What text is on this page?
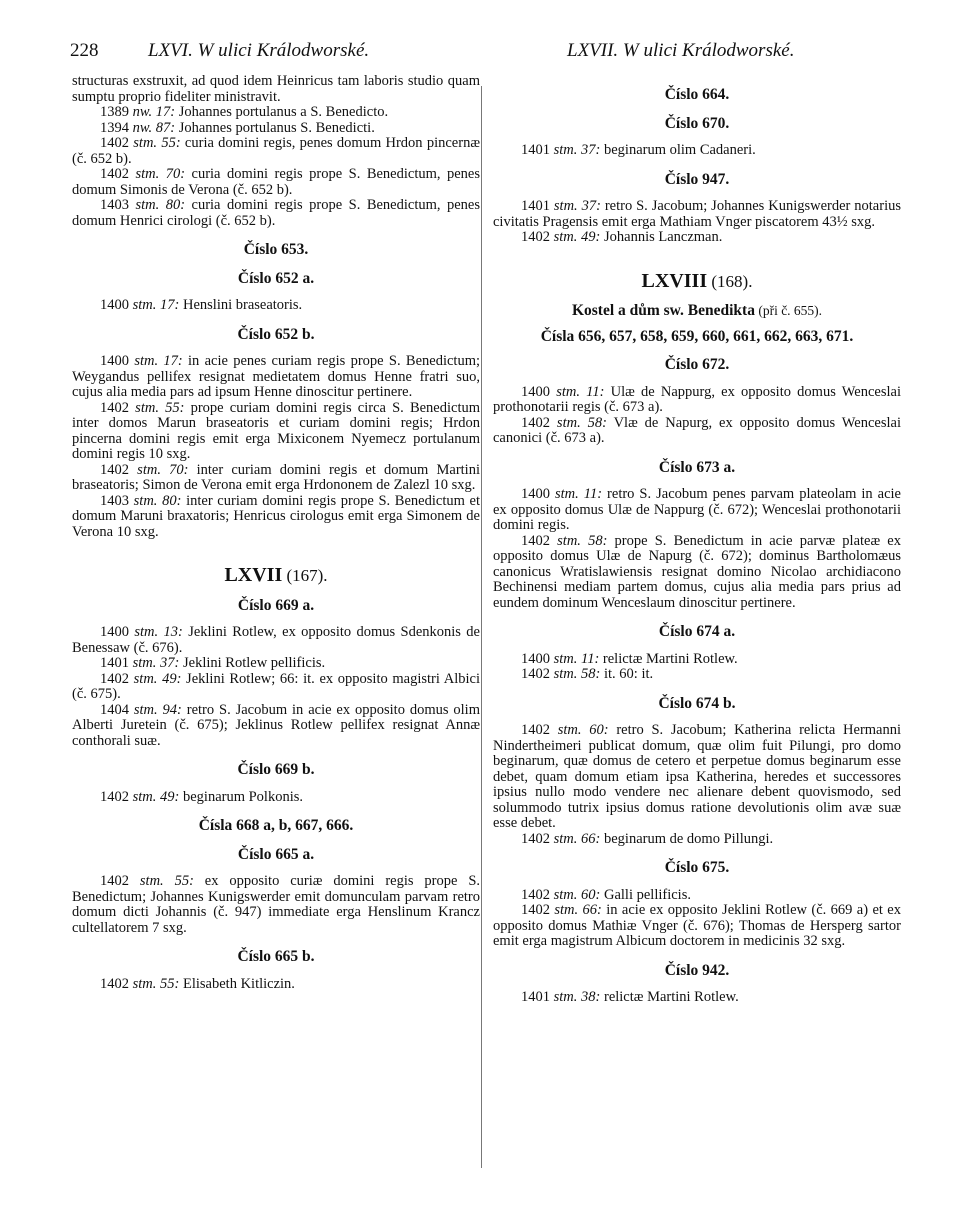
228	LXVI. W ulici Králodworské.	LXVII. W ulici Králodworské.
structuras exstruxit, ad quod idem Heinricus tam laboris studio quam sumptu proprio fideliter ministravit.
1389 nw. 17: Johannes portulanus a S. Benedicto.
1394 nw. 87: Johannes portulanus S. Benedicti.
1402 stm. 55: curia domini regis, penes domum Hrdon pincernæ (č. 652 b).
1402 stm. 70: curia domini regis prope S. Benedictum, penes domum Simonis de Verona (č. 652 b).
1403 stm. 80: curia domini regis prope S. Benedictum, penes domum Henrici cirologi (č. 652 b).
Číslo 653.
Číslo 652 a.
1400 stm. 17: Henslini braseatoris.
Číslo 652 b.
1400 stm. 17: in acie penes curiam regis prope S. Benedictum; Weygandus pellifex resignat medietatem domus Henne fratri suo, cujus alia media pars ad ipsum Henne dinoscitur pertinere.
1402 stm. 55: prope curiam domini regis circa S. Benedictum inter domos Marun braseatoris et curiam domini regis; Hrdon pincerna domini regis emit erga Mixiconem Nyemecz portulanum domini regis 10 sxg.
1402 stm. 70: inter curiam domini regis et domum Martini braseatoris; Simon de Verona emit erga Hrdononem de Zalezl 10 sxg.
1403 stm. 80: inter curiam domini regis prope S. Benedictum et domum Maruni braxatoris; Henricus cirologus emit erga Simonem de Verona 10 sxg.
LXVII (167).
Číslo 669 a.
1400 stm. 13: Jeklini Rotlew, ex opposito domus Sdenkonis de Benessaw (č. 676).
1401 stm. 37: Jeklini Rotlew pellificis.
1402 stm. 49: Jeklini Rotlew; 66: it. ex opposito magistri Albici (č. 675).
1404 stm. 94: retro S. Jacobum in acie ex opposito domus olim Alberti Juretein (č. 675); Jeklinus Rotlew pellifex resignat Annæ conthorali suæ.
Číslo 669 b.
1402 stm. 49: beginarum Polkonis.
Čísla 668 a, b, 667, 666.
Číslo 665 a.
1402 stm. 55: ex opposito curiæ domini regis prope S. Benedictum; Johannes Kunigswerder emit domunculam parvam retro domum dicti Johannis (č. 947) immediate erga Henslinum Krancz cultellatorem 7 sxg.
Číslo 665 b.
1402 stm. 55: Elisabeth Kitliczin.
Číslo 664.
Číslo 670.
1401 stm. 37: beginarum olim Cadaneri.
Číslo 947.
1401 stm. 37: retro S. Jacobum; Johannes Kunigswerder notarius civitatis Pragensis emit erga Mathiam Vnger piscatorem 43½ sxg.
1402 stm. 49: Johannis Lanczman.
LXVIII (168).
Kostel a dům sw. Benedikta (při č. 655).
Čísla 656, 657, 658, 659, 660, 661, 662, 663, 671.
Číslo 672.
1400 stm. 11: Ulæ de Nappurg, ex opposito domus Wenceslai prothonotarii regis (č. 673 a).
1402 stm. 58: Vlæ de Napurg, ex opposito domus Wenceslai canonici (č. 673 a).
Číslo 673 a.
1400 stm. 11: retro S. Jacobum penes parvam plateolam in acie ex opposito domus Ulæ de Nappurg (č. 672); Wenceslai prothonotarii domini regis.
1402 stm. 58: prope S. Benedictum in acie parvæ plateæ ex opposito domus Ulæ de Napurg (č. 672); dominus Bartholomæus canonicus Wratislawiensis resignat domino Nicolao archidiacono Bechinensi mediam partem domus, cujus alia media pars prius ad eundem dominum Wenceslaum dinoscitur pertinere.
Číslo 674 a.
1400 stm. 11: relictæ Martini Rotlew.
1402 stm. 58: it. 60: it.
Číslo 674 b.
1402 stm. 60: retro S. Jacobum; Katherina relicta Hermanni Nindertheimeri publicat domum, quæ olim fuit Pilungi, pro domo beginarum, quæ domus de cetero et perpetue domus beginarum esse debet, quam domum etiam ipsa Katherina, heredes et successores ipsius nullo modo vendere nec alienare debent quovismodo, sed solummodo tutrix ipsius domus ratione devolutionis olim avæ suæ esse debet.
1402 stm. 66: beginarum de domo Pillungi.
Číslo 675.
1402 stm. 60: Galli pellificis.
1402 stm. 66: in acie ex opposito Jeklini Rotlew (č. 669 a) et ex opposito domus Mathiæ Vnger (č. 676); Thomas de Hersperg sartor emit erga magistrum Albicum doctorem in medicinis 32 sxg.
Číslo 942.
1401 stm. 38: relictæ Martini Rotlew.
